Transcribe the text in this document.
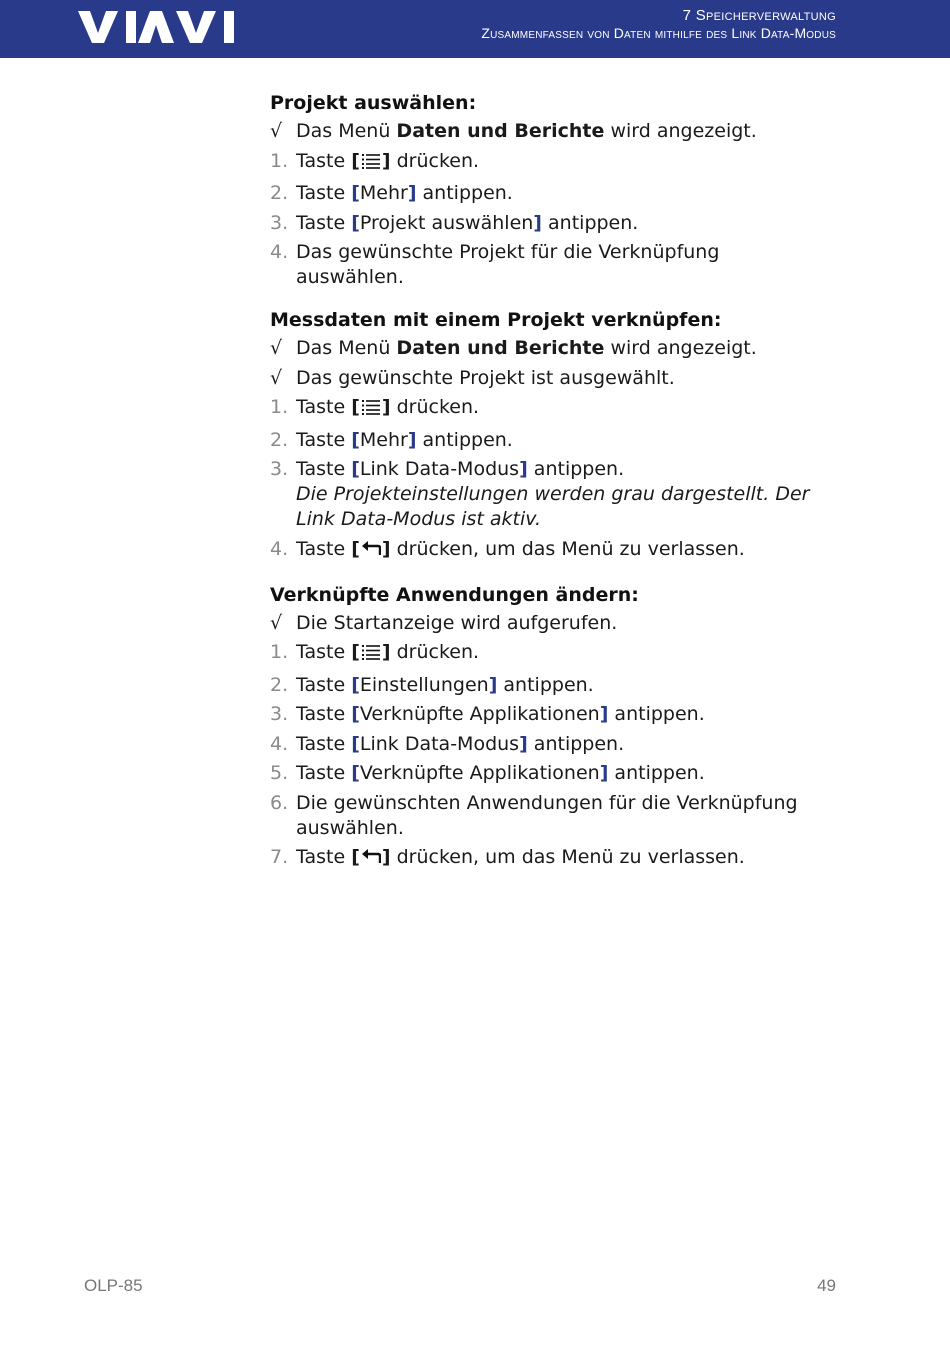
7 Speicherverwaltung
Zusammenfassen von Daten mithilfe des Link Data-Modus
Projekt auswählen:
√ Das Menü Daten und Berichte wird angezeigt.
1. Taste [ ] drücken.
2. Taste [Mehr] antippen.
3. Taste [Projekt auswählen] antippen.
4. Das gewünschte Projekt für die Verknüpfung auswählen.
Messdaten mit einem Projekt verknüpfen:
√ Das Menü Daten und Berichte wird angezeigt.
√ Das gewünschte Projekt ist ausgewählt.
1. Taste [ ] drücken.
2. Taste [Mehr] antippen.
3. Taste [Link Data-Modus] antippen.
Die Projekteinstellungen werden grau dargestellt. Der Link Data-Modus ist aktiv.
4. Taste [ ] drücken, um das Menü zu verlassen.
Verknüpfte Anwendungen ändern:
√ Die Startanzeige wird aufgerufen.
1. Taste [ ] drücken.
2. Taste [Einstellungen] antippen.
3. Taste [Verknüpfte Applikationen] antippen.
4. Taste [Link Data-Modus] antippen.
5. Taste [Verknüpfte Applikationen] antippen.
6. Die gewünschten Anwendungen für die Verknüpfung auswählen.
7. Taste [ ] drücken, um das Menü zu verlassen.
OLP-85	49
